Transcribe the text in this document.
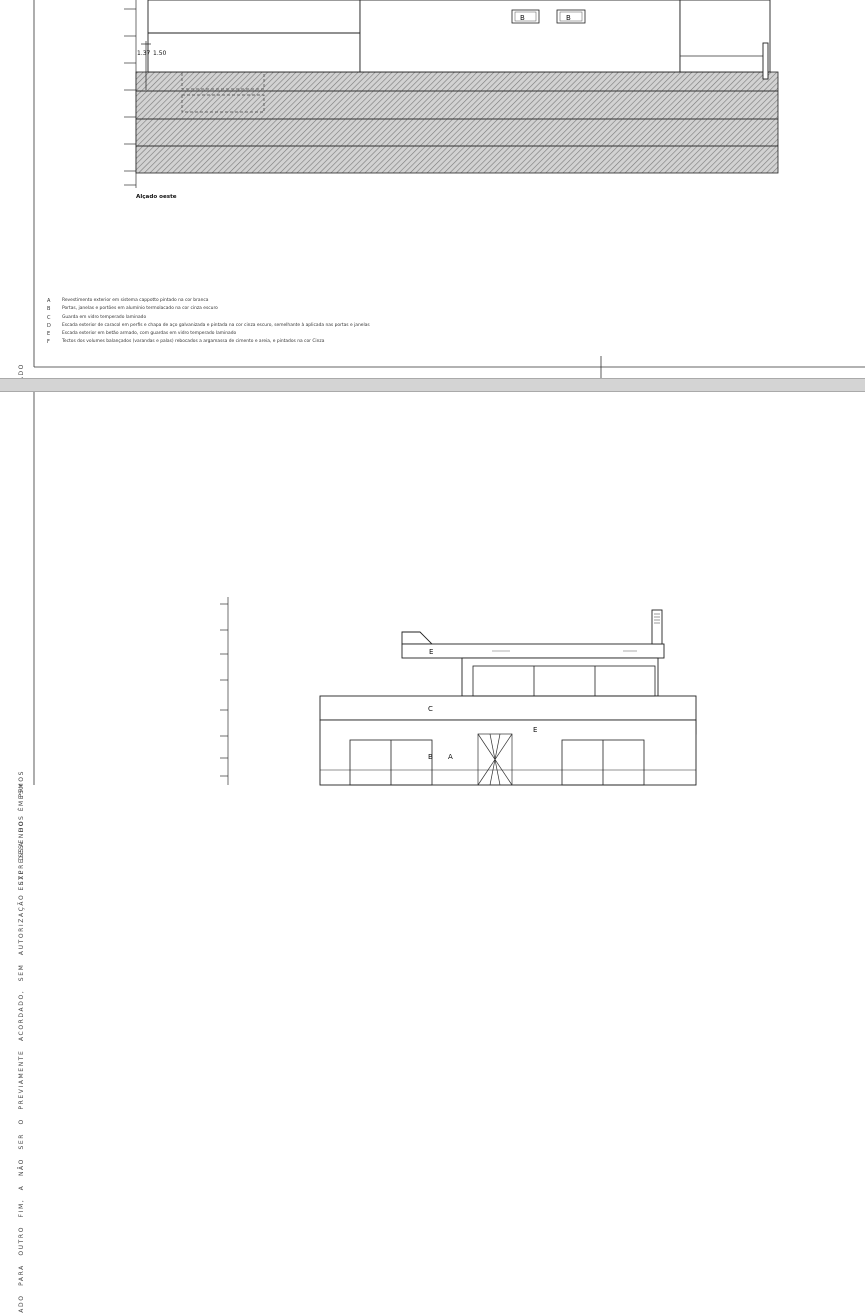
B	B
1.37 1.50
Alçado oeste
A	Revestimento exterior em sistema cappotto pintado na cor branca
B	Portas, janelas e portões em alumínio termolacado na cor cinza escuro
C	Guarda em vidro temperado laminado
D	Escada exterior de caracol em perfis e chapa de aço galvanizada e pintada na cor cinza escuro, semelhante à aplicada nas portas e janelas
E	Escada exterior em betão armado, com guardas em vidro temperado laminado
F	Tectos dos volumes balançados (varandas e palas) rebocados a argamassa de cimento e areia, e pintados na cor Cinza
ADO PARA OUTRO FIM, A NÃO SER O PREVIAMENTE ACORDADO, SEM AUTORIZAÇÃO EXPRESSA DOS MESMOS
E
C
E
B A
